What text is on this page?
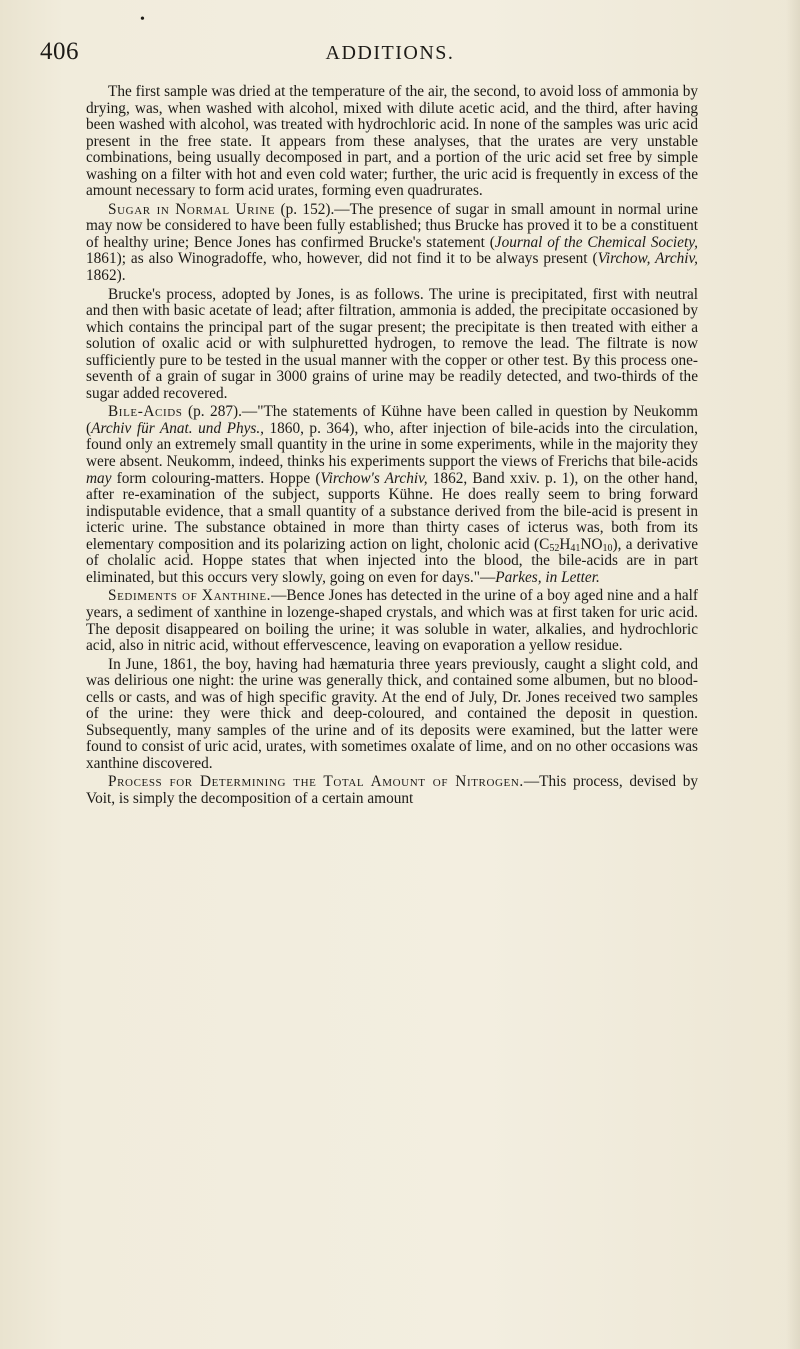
•
406	ADDITIONS.

The first sample was dried at the temperature of the air, the second, to avoid loss of ammonia by drying, was, when washed with alcohol, mixed with dilute acetic acid, and the third, after having been washed with alcohol, was treated with hydrochloric acid. In none of the samples was uric acid present in the free state. It appears from these analyses, that the urates are very unstable combinations, being usually decomposed in part, and a portion of the uric acid set free by simple washing on a filter with hot and even cold water; further, the uric acid is frequently in excess of the amount necessary to form acid urates, forming even quadrurates.

Sugar in Normal Urine (p. 152).—The presence of sugar in small amount in normal urine may now be considered to have been fully established; thus Brucke has proved it to be a constituent of healthy urine; Bence Jones has confirmed Brucke's statement (Journal of the Chemical Society, 1861); as also Winogradoffe, who, however, did not find it to be always present (Virchow, Archiv, 1862).

Brucke's process, adopted by Jones, is as follows. The urine is precipitated, first with neutral and then with basic acetate of lead; after filtration, ammonia is added, the precipitate occasioned by which contains the principal part of the sugar present; the precipitate is then treated with either a solution of oxalic acid or with sulphuretted hydrogen, to remove the lead. The filtrate is now sufficiently pure to be tested in the usual manner with the copper or other test. By this process one-seventh of a grain of sugar in 3000 grains of urine may be readily detected, and two-thirds of the sugar added recovered.

Bile-Acids (p. 287).—"The statements of Kühne have been called in question by Neukomm (Archiv für Anat. und Phys., 1860, p. 364), who, after injection of bile-acids into the circulation, found only an extremely small quantity in the urine in some experiments, while in the majority they were absent. Neukomm, indeed, thinks his experiments support the views of Frerichs that bile-acids may form colouring-matters. Hoppe (Virchow's Archiv, 1862, Band xxiv. p. 1), on the other hand, after re-examination of the subject, supports Kühne. He does really seem to bring forward indisputable evidence, that a small quantity of a substance derived from the bile-acid is present in icteric urine. The substance obtained in more than thirty cases of icterus was, both from its elementary composition and its polarizing action on light, cholonic acid $(C_{52}H_{41}NO_{10})$, a derivative of cholalic acid. Hoppe states that when injected into the blood, the bile-acids are in part eliminated, but this occurs very slowly, going on even for days."—Parkes, in Letter.

Sediments of Xanthine.—Bence Jones has detected in the urine of a boy aged nine and a half years, a sediment of xanthine in lozenge-shaped crystals, and which was at first taken for uric acid. The deposit disappeared on boiling the urine; it was soluble in water, alkalies, and hydrochloric acid, also in nitric acid, without effervescence, leaving on evaporation a yellow residue.

In June, 1861, the boy, having had hæmaturia three years previously, caught a slight cold, and was delirious one night: the urine was generally thick, and contained some albumen, but no blood-cells or casts, and was of high specific gravity. At the end of July, Dr. Jones received two samples of the urine: they were thick and deep-coloured, and contained the deposit in question. Subsequently, many samples of the urine and of its deposits were examined, but the latter were found to consist of uric acid, urates, with sometimes oxalate of lime, and on no other occasions was xanthine discovered.

Process for Determining the Total Amount of Nitrogen.—This process, devised by Voit, is simply the decomposition of a certain amount
